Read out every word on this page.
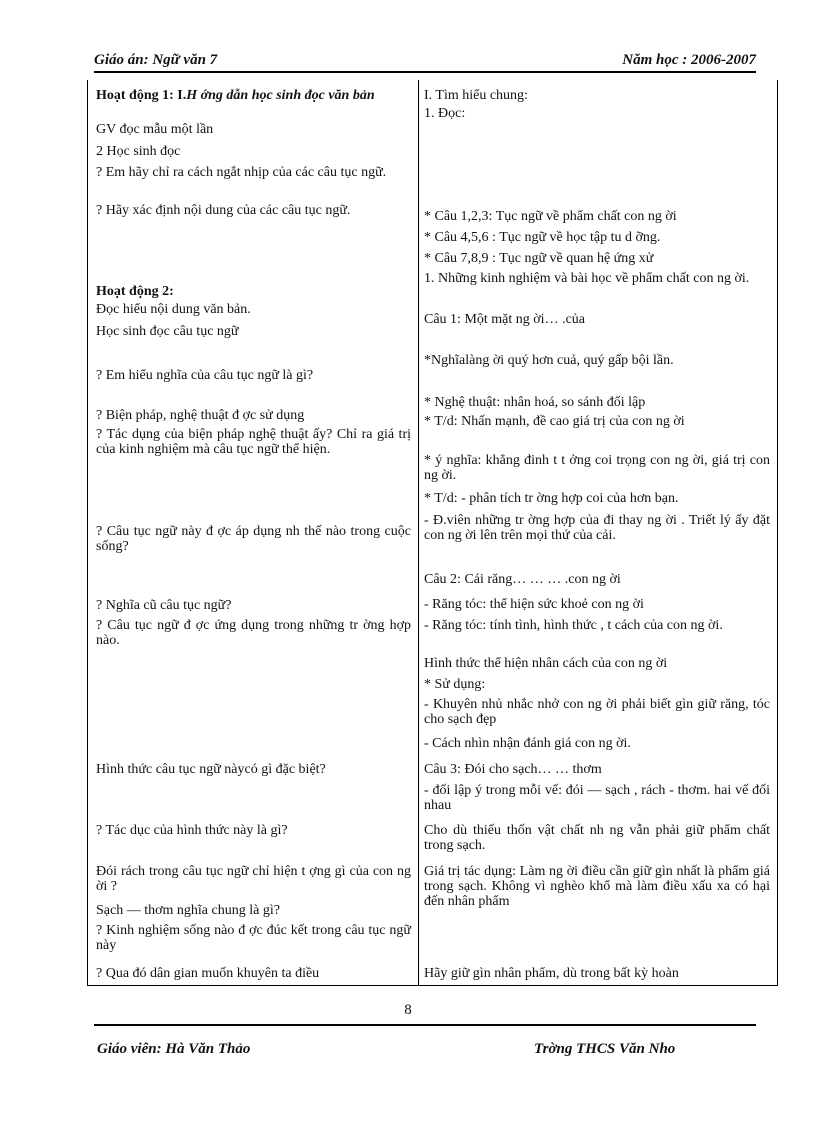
Giáo án: Ngữ văn 7	Năm học : 2006-2007
Hoạt động 1: I.H ớng dẫn học sinh đọc văn bản
GV đọc mẫu một lần
2 Học sinh đọc
? Em hãy chỉ ra cách ngắt nhịp của các câu tục ngữ.
? Hãy xác định nội dung của các câu tục ngữ.
Hoạt động 2:
Đọc hiểu nội dung văn bản.
Học sinh đọc câu tục ngữ
? Em hiểu nghĩa của câu tục ngữ là gì?
? Biện pháp, nghệ thuật đ ợc sử dụng
? Tác dụng của biện pháp nghệ thuật ấy? Chỉ ra giá trị của kinh nghiệm mà câu tục ngữ thể hiện.
? Câu tục ngữ này đ ợc áp dụng nh thế nào trong cuộc sống?
? Nghĩa cũ câu tục ngữ?
? Câu tục ngữ đ ợc ứng dụng trong những tr ờng hợp nào.
Hình thức câu tục ngữ nàycó gì đặc biệt?
? Tác dục của hình thức này là gì?
Đói rách trong câu tục ngữ chỉ hiện t ợng gì của con ng ời ?
Sạch — thơm nghĩa chung là gì?
? Kinh nghiệm sống nào đ ợc đúc kết trong câu tục ngữ này
? Qua đó dân gian muốn khuyên ta điều
I. Tìm hiểu chung:
1. Đọc:
* Câu 1,2,3: Tục ngữ về phẩm chất con ng ời
* Câu 4,5,6 : Tục ngữ về học tập tu d ỡng.
* Câu 7,8,9 : Tục ngữ về quan hệ ứng xử
1. Những kinh nghiệm và bài học về phẩm chất con ng ời.
Câu 1: Một mặt ng ời… .của
*Nghĩalàng ời quý hơn cuả, quý gấp bội lần.
* Nghệ thuật: nhân hoá, so sánh đối lập
* T/d: Nhấn mạnh, đề cao giá trị của con ng ời
* ý nghĩa: khẳng đinh t t ởng coi trọng con ng ời, giá trị con ng ời.
* T/d: - phân tích tr ờng hợp coi của hơn bạn.
- Đ.viên những tr ờng hợp của đi thay ng ời . Triết lý ấy đặt con ng ời lên trên mọi thứ của cải.
Câu 2: Cái răng… … … .con ng ời
- Răng tóc: thể hiện sức khoẻ con ng ời
- Răng tóc: tính tình, hình thức , t cách của con ng ời.
Hình thức thể hiện nhân cách của con ng ời
* Sử dụng:
- Khuyên nhủ nhắc nhở con ng ời phải biết gìn giữ răng, tóc cho sạch đẹp
- Cách nhìn nhận đánh giá con ng ời.
Câu 3: Đói cho sạch… … thơm
- đối lập ý trong mỗi vế: đói — sạch , rách - thơm. hai vế đối nhau
Cho dù thiếu thốn vật chất nh ng vẫn phải giữ phẩm chất trong sạch.
Giá trị tác dụng: Làm ng ời điều cần giữ gìn nhất là phẩm giá trong sạch. Không vì nghèo khổ mà làm điều xấu xa có hại đến nhân phẩm
Hãy giữ gìn nhân phẩm, dù trong bất kỳ hoàn
8
Giáo viên: Hà Văn Thảo	Trờng THCS Văn Nho
